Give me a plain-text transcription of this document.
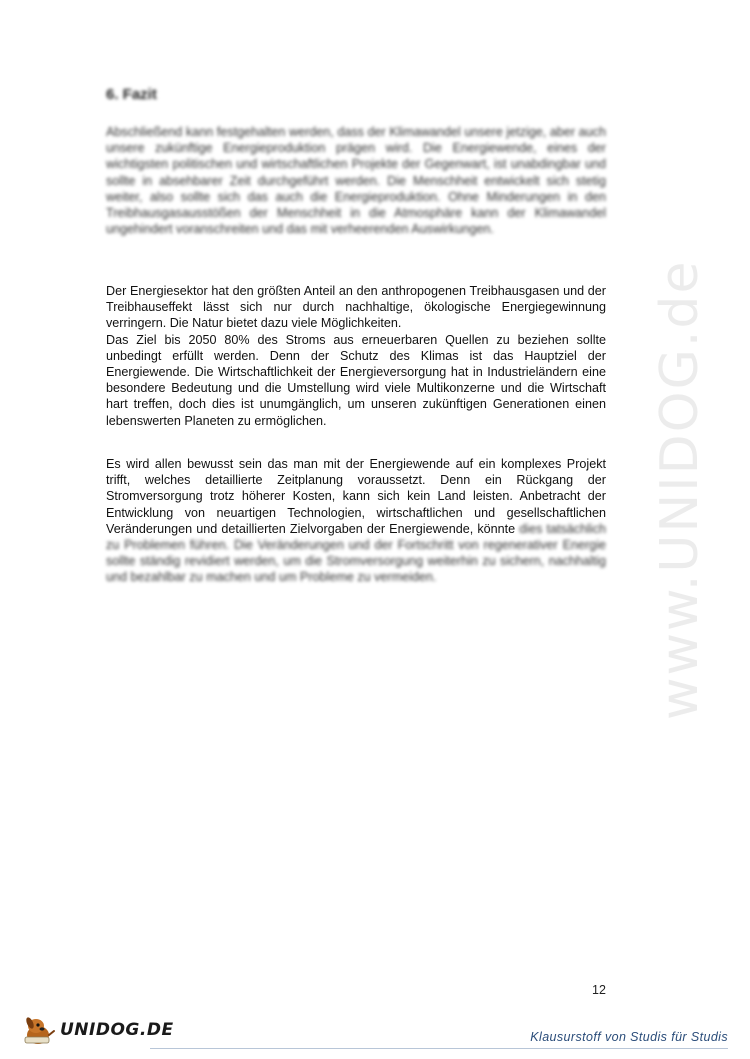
6. Fazit

Abschließend kann festgehalten werden, dass der Klimawandel unsere jetzige, aber auch unsere zukünftige Energieproduktion prägen wird. Die Energiewende, eines der wichtigsten politischen und wirtschaftlichen Projekte der Gegenwart, ist unabdingbar und sollte in absehbarer Zeit durchgeführt werden. Die Menschheit entwickelt sich stetig weiter, also sollte sich das auch die Energieproduktion. Ohne Minderungen in den Treibhausgasausstößen der Menschheit in die Atmosphäre kann der Klimawandel ungehindert voranschreiten und das mit verheerenden Auswirkungen.

Der Energiesektor hat den größten Anteil an den anthropogenen Treibhausgasen und der Treibhauseffekt lässt sich nur durch nachhaltige, ökologische Energiegewinnung verringern. Die Natur bietet dazu viele Möglichkeiten.
Das Ziel bis 2050 80% des Stroms aus erneuerbaren Quellen zu beziehen sollte unbedingt erfüllt werden. Denn der Schutz des Klimas ist das Hauptziel der Energiewende. Die Wirtschaftlichkeit der Energieversorgung hat in Industrieländern eine besondere Bedeutung und die Umstellung wird viele Multikonzerne und die Wirtschaft hart treffen, doch dies ist unumgänglich, um unseren zukünftigen Generationen einen lebenswerten Planeten zu ermöglichen.

Es wird allen bewusst sein das man mit der Energiewende auf ein komplexes Projekt trifft, welches detaillierte Zeitplanung voraussetzt. Denn ein Rückgang der Stromversorgung trotz höherer Kosten, kann sich kein Land leisten. Anbetracht der Entwicklung von neuartigen Technologien, wirtschaftlichen und gesellschaftlichen Veränderungen und detaillierten Zielvorgaben der Energiewende, könnte dies tatsächlich zu Problemen führen. Die Veränderungen und der Fortschritt von regenerativer Energie sollte ständig revidiert werden, um die Stromversorgung weiterhin zu sichern, nachhaltig und bezahlbar zu machen und um Probleme zu vermeiden.	www.UNIDOG.de
12
UNIDOG.DE	Klausurstoff von Studis für Studis
